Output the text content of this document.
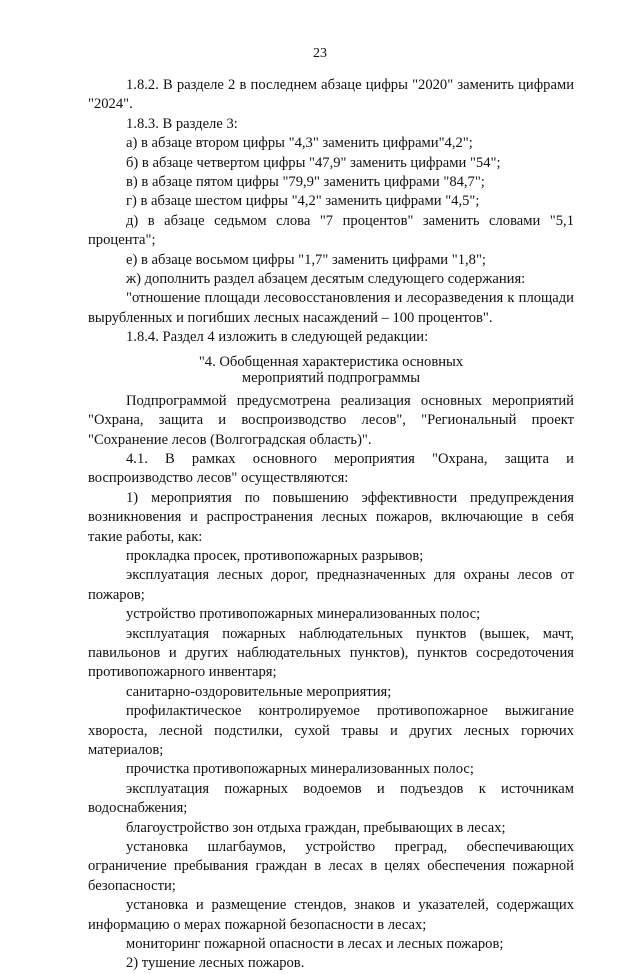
23

1.8.2. В разделе 2 в последнем абзаце цифры "2020" заменить цифрами "2024".

1.8.3. В разделе 3:

а) в абзаце втором цифры "4,3" заменить цифрами"4,2";

б) в абзаце четвертом цифры "47,9" заменить цифрами "54";

в) в абзаце пятом цифры "79,9" заменить цифрами "84,7";

г) в абзаце шестом цифры "4,2" заменить цифрами "4,5";

д) в абзаце седьмом слова "7 процентов" заменить словами "5,1 процента";

е) в абзаце восьмом цифры "1,7" заменить цифрами "1,8";

ж) дополнить раздел абзацем десятым следующего содержания:

"отношение площади лесовосстановления и лесоразведения к площади вырубленных и погибших лесных насаждений – 100 процентов".

1.8.4. Раздел 4 изложить в следующей редакции:

"4. Обобщенная характеристика основных
мероприятий подпрограммы

Подпрограммой предусмотрена реализация основных мероприятий "Охрана, защита и воспроизводство лесов", "Региональный проект "Сохранение лесов (Волгоградская область)".

4.1. В рамках основного мероприятия "Охрана, защита и воспроизводство лесов" осуществляются:

1) мероприятия по повышению эффективности предупреждения возникновения и распространения лесных пожаров, включающие в себя такие работы, как:

прокладка просек, противопожарных разрывов;

эксплуатация лесных дорог, предназначенных для охраны лесов от пожаров;

устройство противопожарных минерализованных полос;

эксплуатация пожарных наблюдательных пунктов (вышек, мачт, павильонов и других наблюдательных пунктов), пунктов сосредоточения противопожарного инвентаря;

санитарно-оздоровительные мероприятия;

профилактическое контролируемое противопожарное выжигание хвороста, лесной подстилки, сухой травы и других лесных горючих материалов;

прочистка противопожарных минерализованных полос;

эксплуатация пожарных водоемов и подъездов к источникам водоснабжения;

благоустройство зон отдыха граждан, пребывающих в лесах;

установка шлагбаумов, устройство преград, обеспечивающих ограничение пребывания граждан в лесах в целях обеспечения пожарной безопасности;

установка и размещение стендов, знаков и указателей, содержащих информацию о мерах пожарной безопасности в лесах;

мониторинг пожарной опасности в лесах и лесных пожаров;

2) тушение лесных пожаров.
